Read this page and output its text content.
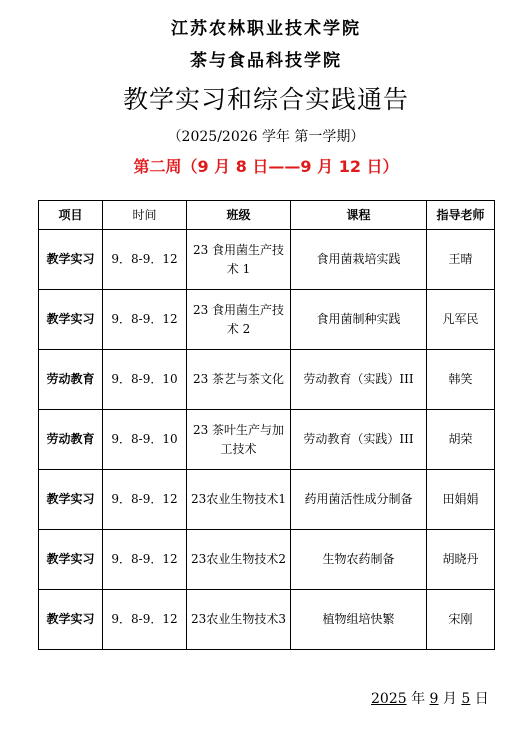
江苏农林职业技术学院
茶与食品科技学院
教学实习和综合实践通告
（2025/2026 学年 第一学期）
第二周（9 月 8 日——9 月 12 日）
项目	时间	班级	课程	指导老师
教学实习	9．8-9．12	23 食用菌生产技术 1	食用菌栽培实践	王晴
教学实习	9．8-9．12	23 食用菌生产技术 2	食用菌制种实践	凡军民
劳动教育	9．8-9．10	23 茶艺与茶文化	劳动教育（实践）III	韩笑
劳动教育	9．8-9．10	23 茶叶生产与加工技术	劳动教育（实践）III	胡荣
教学实习	9．8-9．12	23农业生物技术1	药用菌活性成分制备	田娟娟
教学实习	9．8-9．12	23农业生物技术2	生物农药制备	胡晓丹
教学实习	9．8-9．12	23农业生物技术3	植物组培快繁	宋刚
2025 年 9 月 5 日
